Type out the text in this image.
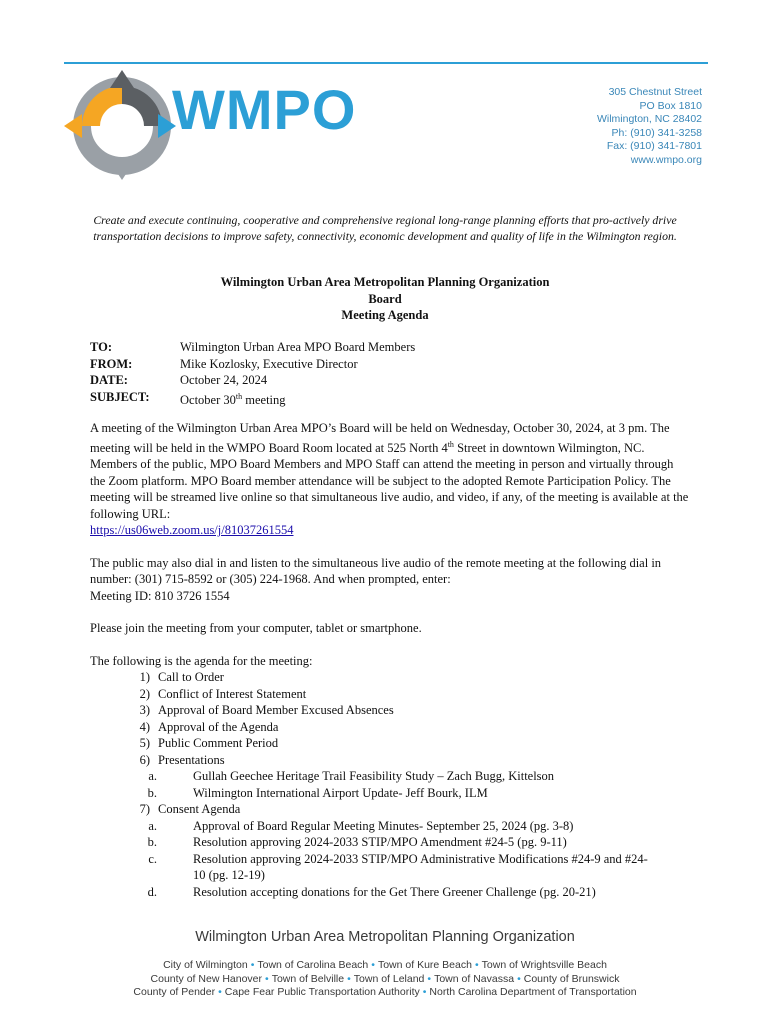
WMPO	305 Chestnut Street
PO Box 1810
Wilmington, NC 28402
Ph: (910) 341-3258
Fax: (910) 341-7801
www.wmpo.org
Create and execute continuing, cooperative and comprehensive regional long-range planning efforts that pro-actively drive transportation decisions to improve safety, connectivity, economic development and quality of life in the Wilmington region.
Wilmington Urban Area Metropolitan Planning Organization
Board
Meeting Agenda
TO:	Wilmington Urban Area MPO Board Members
FROM:	Mike Kozlosky, Executive Director
DATE:	October 24, 2024
SUBJECT:	October 30th meeting

A meeting of the Wilmington Urban Area MPO’s Board will be held on Wednesday, October 30, 2024, at 3 pm. The meeting will be held in the WMPO Board Room located at 525 North 4th Street in downtown Wilmington, NC. Members of the public, MPO Board Members and MPO Staff can attend the meeting in person and virtually through the Zoom platform. MPO Board member attendance will be subject to the adopted Remote Participation Policy. The meeting will be streamed live online so that simultaneous live audio, and video, if any, of the meeting is available at the following URL:

https://us06web.zoom.us/j/81037261554

The public may also dial in and listen to the simultaneous live audio of the remote meeting at the following dial in number: (301) 715-8592 or (305) 224-1968. And when prompted, enter:

Meeting ID: 810 3726 1554

Please join the meeting from your computer, tablet or smartphone.

The following is the agenda for the meeting:

1) Call to Order
2) Conflict of Interest Statement
3) Approval of Board Member Excused Absences
4) Approval of the Agenda
5) Public Comment Period
6) Presentations
a.	Gullah Geechee Heritage Trail Feasibility Study – Zach Bugg, Kittelson
b.	Wilmington International Airport Update- Jeff Bourk, ILM
7) Consent Agenda
a.	Approval of Board Regular Meeting Minutes- September 25, 2024 (pg. 3-8)
b.	Resolution approving 2024-2033 STIP/MPO Amendment #24-5 (pg. 9-11)
c.	Resolution approving 2024-2033 STIP/MPO Administrative Modifications #24-9 and #24-10 (pg. 12-19)
d.	Resolution accepting donations for the Get There Greener Challenge (pg. 20-21)
Wilmington Urban Area Metropolitan Planning Organization
City of Wilmington • Town of Carolina Beach • Town of Kure Beach • Town of Wrightsville Beach
County of New Hanover • Town of Belville • Town of Leland • Town of Navassa • County of Brunswick
County of Pender • Cape Fear Public Transportation Authority • North Carolina Department of Transportation
